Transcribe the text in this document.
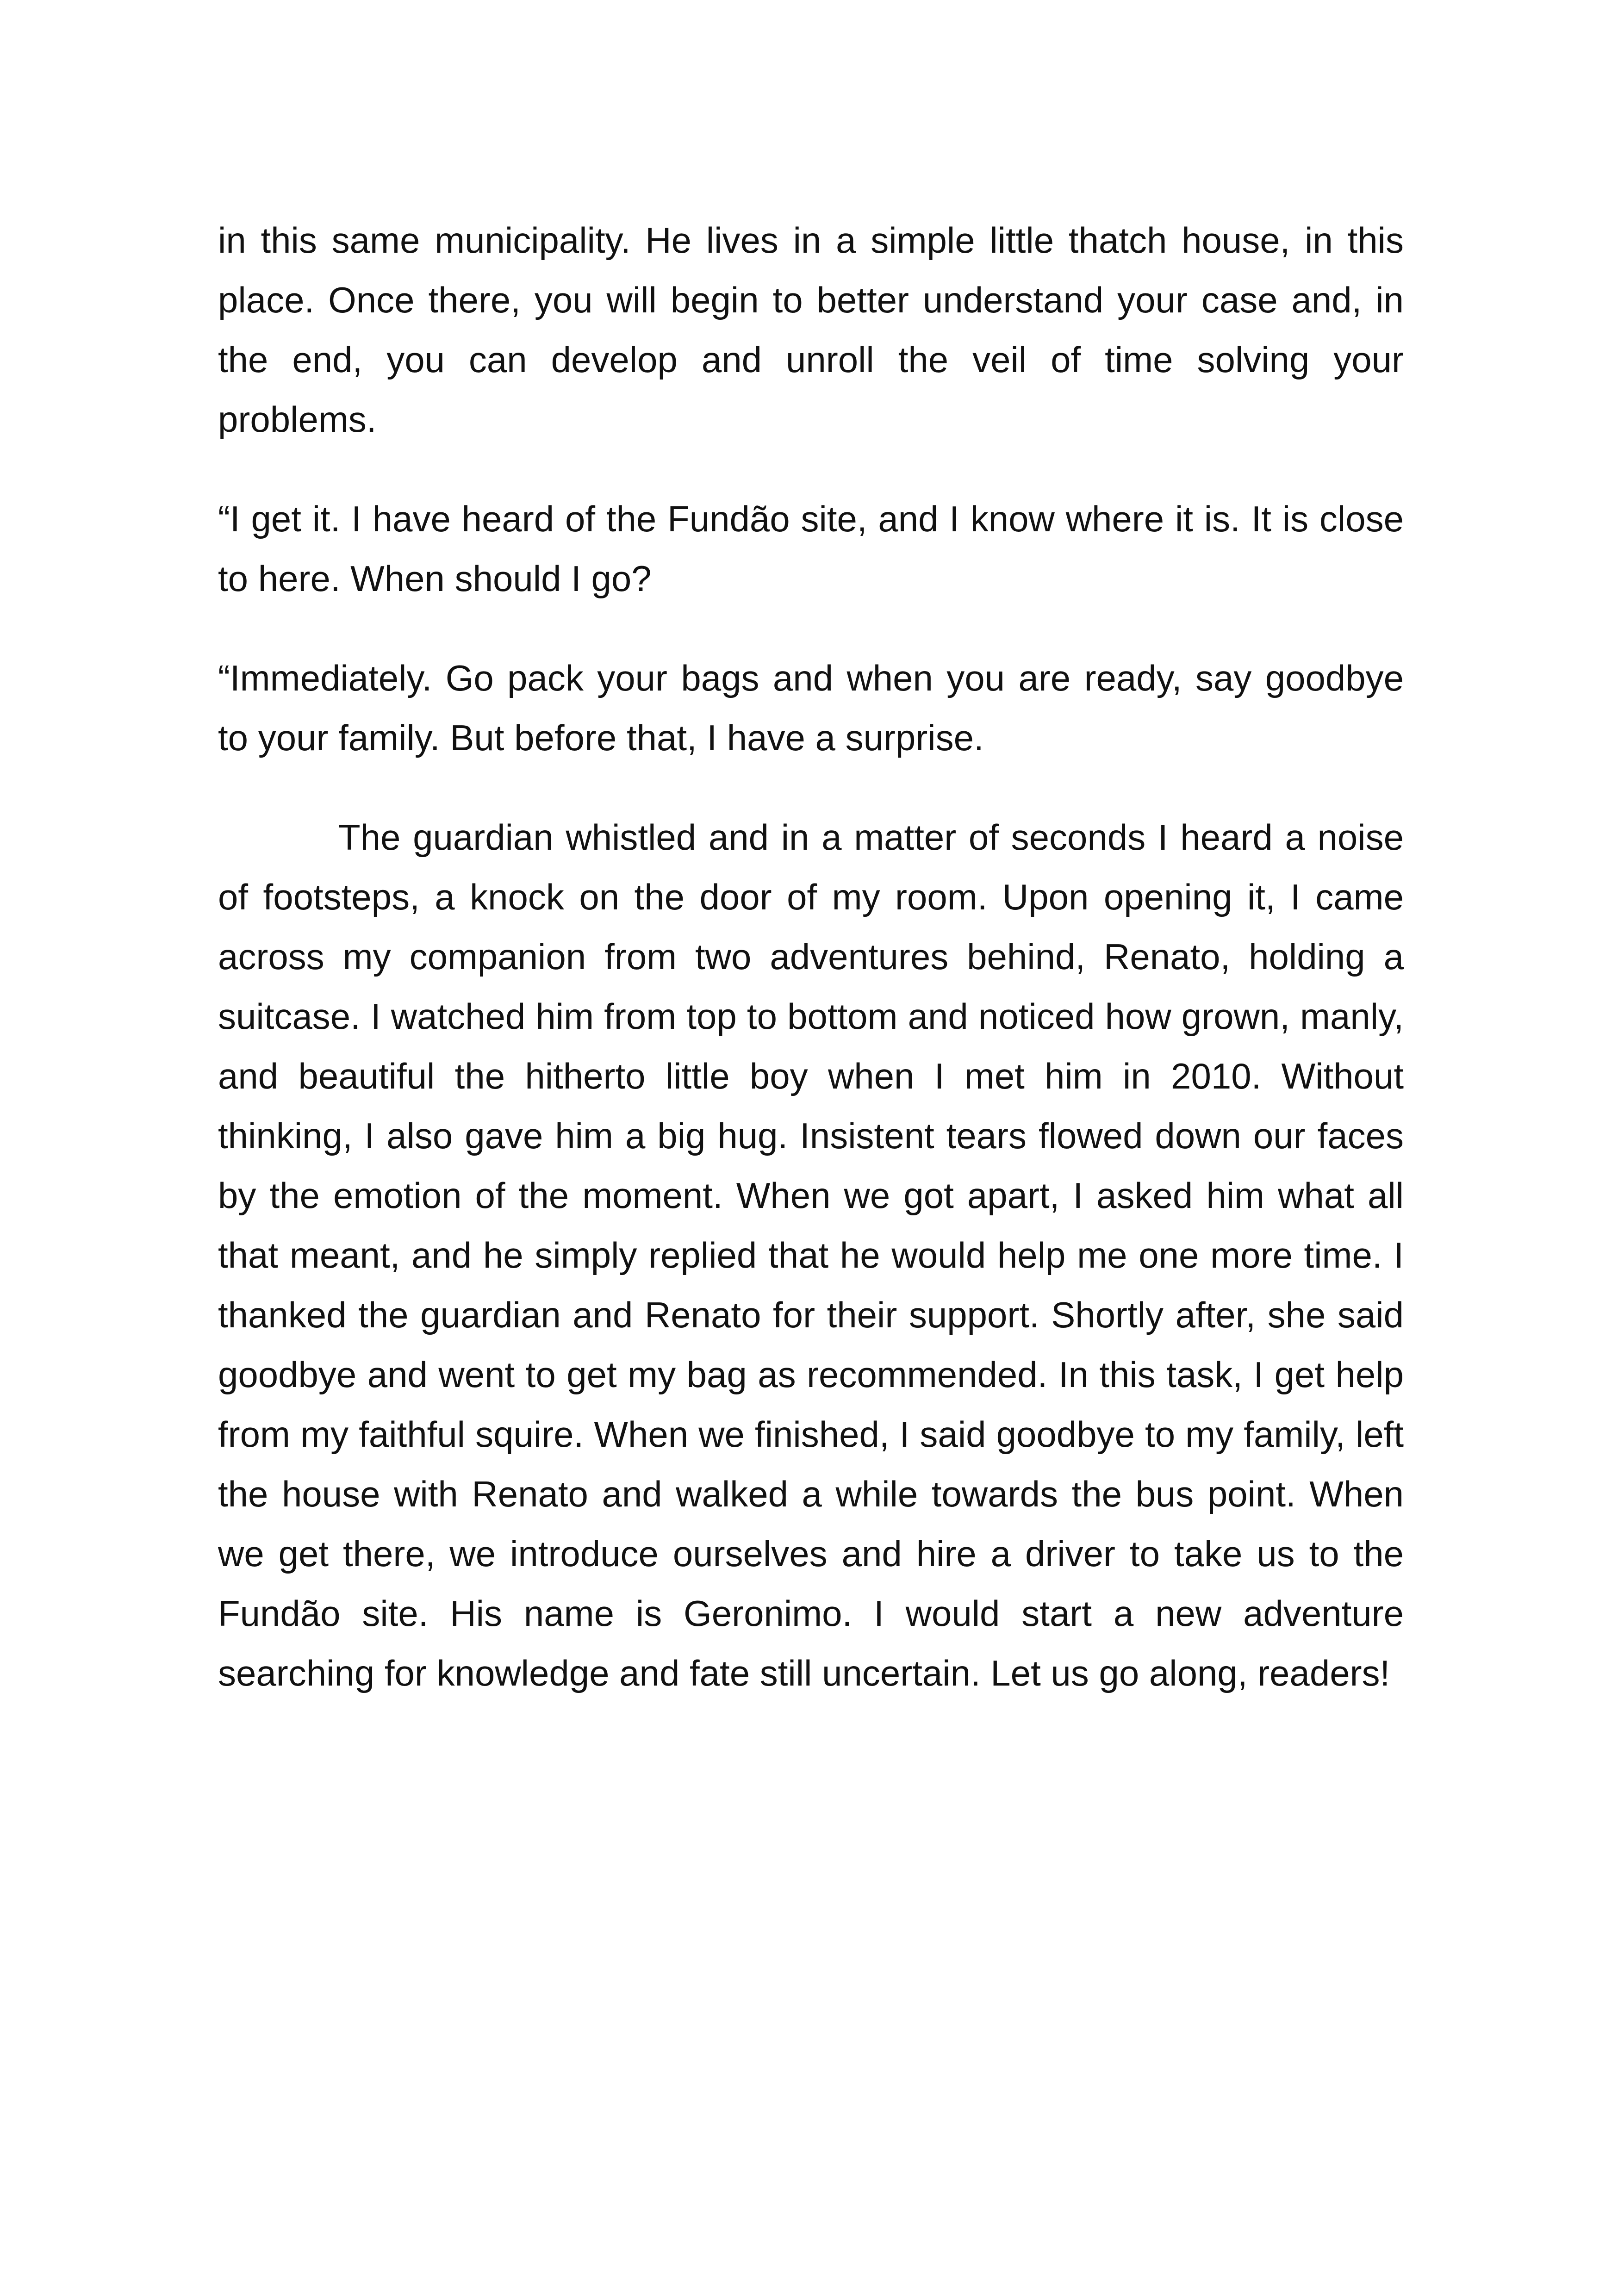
in this same municipality. He lives in a simple little thatch house, in this place. Once there, you will begin to better understand your case and, in the end, you can develop and unroll the veil of time solving your problems.

“I get it. I have heard of the Fundão site, and I know where it is. It is close to here. When should I go?

“Immediately. Go pack your bags and when you are ready, say goodbye to your family. But before that, I have a surprise.

The guardian whistled and in a matter of seconds I heard a noise of footsteps, a knock on the door of my room. Upon opening it, I came across my companion from two adventures behind, Renato, holding a suitcase. I watched him from top to bottom and noticed how grown, manly, and beautiful the hitherto little boy when I met him in 2010. Without thinking, I also gave him a big hug. Insistent tears flowed down our faces by the emotion of the moment. When we got apart, I asked him what all that meant, and he simply replied that he would help me one more time. I thanked the guardian and Renato for their support. Shortly after, she said goodbye and went to get my bag as recommended. In this task, I get help from my faithful squire. When we finished, I said goodbye to my family, left the house with Renato and walked a while towards the bus point. When we get there, we introduce ourselves and hire a driver to take us to the Fundão site. His name is Geronimo. I would start a new adventure searching for knowledge and fate still uncertain. Let us go along, readers!
